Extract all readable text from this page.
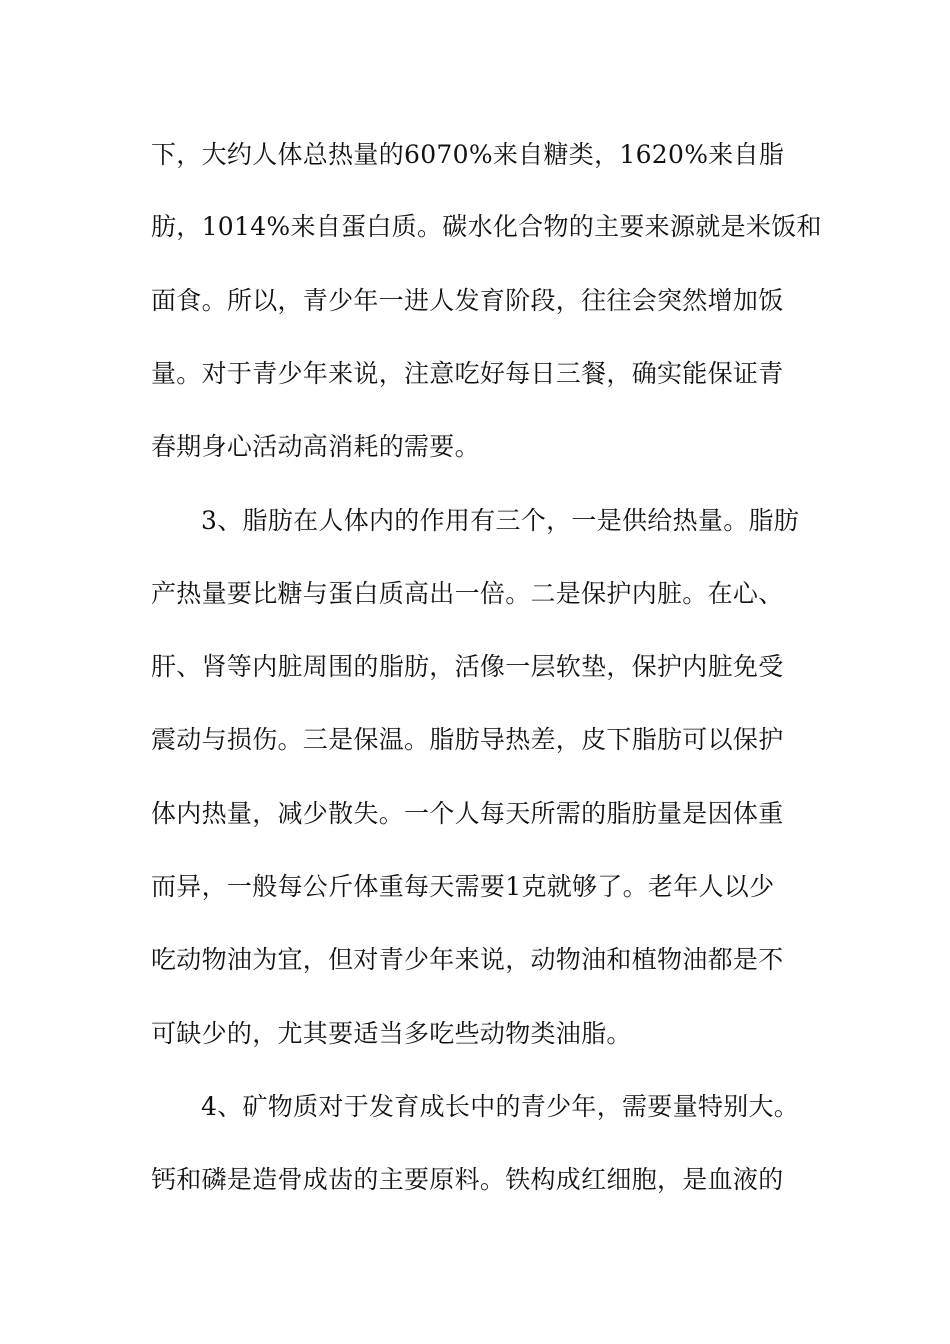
下，大约人体总热量的6070%来自糖类，1620%来自脂
肪，1014%来自蛋白质。碳水化合物的主要来源就是米饭和
面食。所以，青少年一进人发育阶段，往往会突然增加饭
量。对于青少年来说，注意吃好每日三餐，确实能保证青
春期身心活动高消耗的需要。
3、脂肪在人体内的作用有三个，一是供给热量。脂肪
产热量要比糖与蛋白质高出一倍。二是保护内脏。在心、
肝、肾等内脏周围的脂肪，活像一层软垫，保护内脏免受
震动与损伤。三是保温。脂肪导热差，皮下脂肪可以保护
体内热量，减少散失。一个人每天所需的脂肪量是因体重
而异，一般每公斤体重每天需要1克就够了。老年人以少
吃动物油为宜，但对青少年来说，动物油和植物油都是不
可缺少的，尤其要适当多吃些动物类油脂。
4、矿物质对于发育成长中的青少年，需要量特别大。
钙和磷是造骨成齿的主要原料。铁构成红细胞，是血液的
